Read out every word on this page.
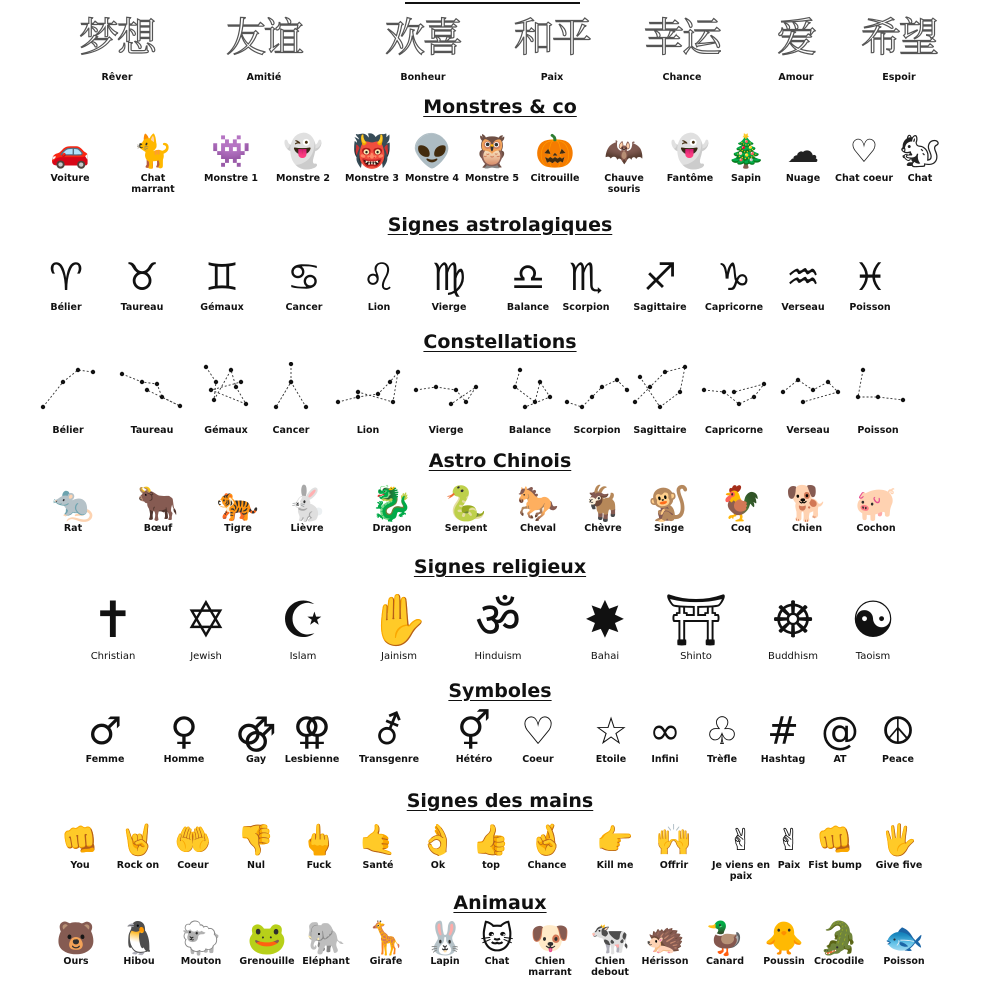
梦想
Rêver
友谊
Amitié
欢喜
Bonheur
和平
Paix
幸运
Chance
爱
Amour
希望
Espoir
Monstres & co
🚗
Voiture
🐈
Chat marrant
👾
Monstre 1
👻
Monstre 2
👹
Monstre 3
👽
Monstre 4
🦉
Monstre 5
🎃
Citrouille
🦇
Chauve souris
👻
Fantôme
🎄
Sapin
☁
Nuage
♡
Chat coeur
🐿
Chat
Signes astrolagiques
♈
Bélier
♉
Taureau
♊
Gémaux
♋
Cancer
♌
Lion
♍
Vierge
♎
Balance
♏
Scorpion
♐
Sagittaire
♑
Capricorne
♒
Verseau
♓
Poisson
Constellations
Bélier	Taureau	Gémaux	Cancer	Lion	Vierge	Balance	Scorpion	Sagittaire	Capricorne	Verseau	Poisson
Astro Chinois
🐀
Rat
🐂
Bœuf
🐅
Tigre
🐇
Lièvre
🐉
Dragon
🐍
Serpent
🐎
Cheval
🐐
Chèvre
🐒
Singe
🐓
Coq
🐕
Chien
🐖
Cochon
Signes religieux
✝
Christian
✡
Jewish
☪
Islam
✋
Jainism
ॐ
Hinduism
✸
Bahai
⛩
Shinto
☸
Buddhism
☯
Taoism
Symboles
♂
Femme
♀
Homme
⚣
Gay
⚢
Lesbienne
⚦
Transgenre
⚥
Hétéro
♡
Coeur
☆
Etoile
∞
Infini
♧
Trèfle
#
Hashtag
@
AT
☮
Peace
Signes des mains
👊
You
🤘
Rock on
🤲
Coeur
👎
Nul
🖕
Fuck
🤙
Santé
👌
Ok
👍
top
🤞
Chance
👉
Kill me
🙌
Offrir
✌
Je viens en paix
✌
Paix
👊
Fist bump
🖐
Give five
Animaux
🐻
Ours
🐧
Hibou
🐑
Mouton
🐸
Grenouille
🐘
Eléphant
🦒
Girafe
🐰
Lapin
🐱
Chat
🐶
Chien marrant
🐄
Chien debout
🦔
Hérisson
🦆
Canard
🐥
Poussin
🐊
Crocodile
🐟
Poisson
